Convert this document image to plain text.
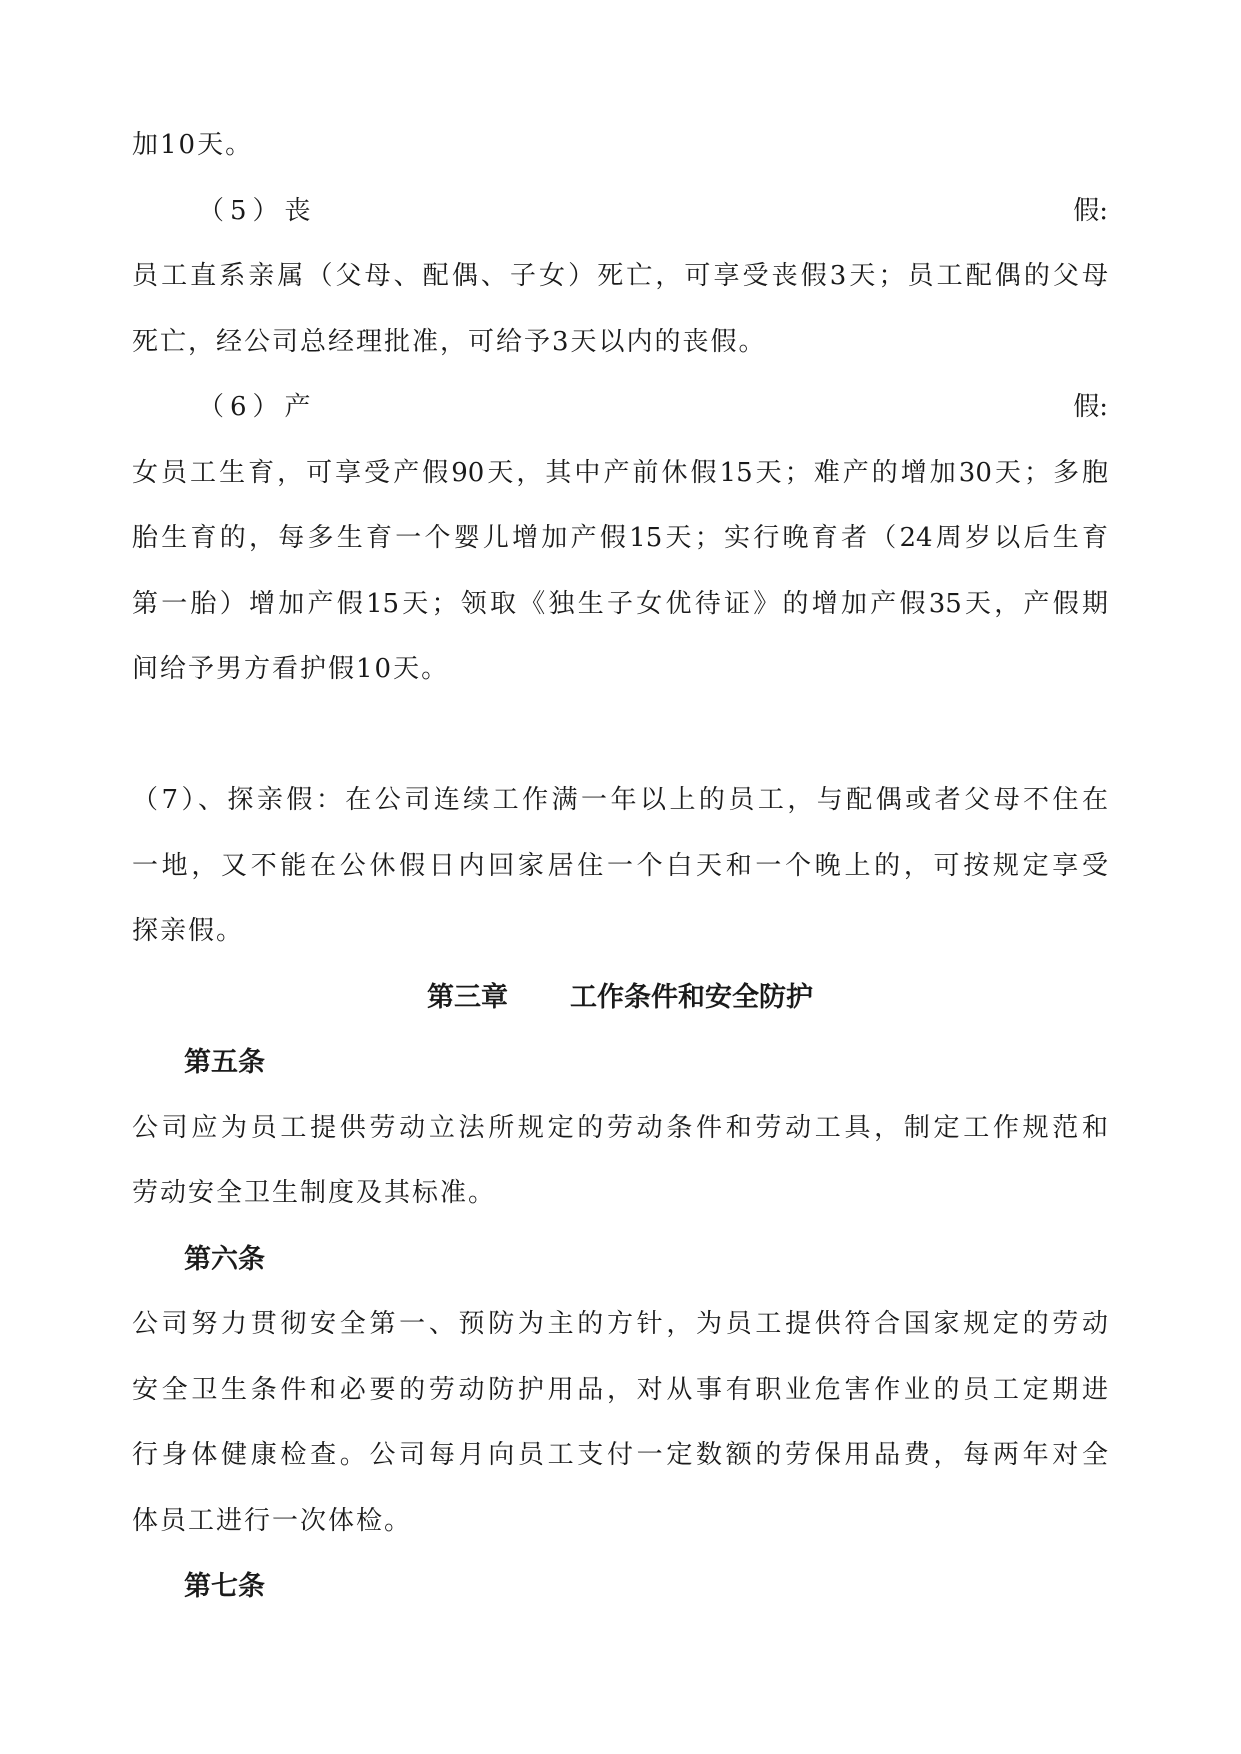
加10天。
（5）丧	假:
员工直系亲属（父母、配偶、子女）死亡，可享受丧假3天；员工配偶的父母
死亡，经公司总经理批准，可给予3天以内的丧假。
（6）产	假:
女员工生育，可享受产假90天，其中产前休假15天；难产的增加30天；多胞
胎生育的，每多生育一个婴儿增加产假15天；实行晚育者（24周岁以后生育
第一胎）增加产假15天；领取《独生子女优待证》的增加产假35天，产假期
间给予男方看护假10天。
（7）、探亲假：在公司连续工作满一年以上的员工，与配偶或者父母不住在
一地，又不能在公休假日内回家居住一个白天和一个晚上的，可按规定享受
探亲假。
第三章 工作条件和安全防护
第五条
公司应为员工提供劳动立法所规定的劳动条件和劳动工具，制定工作规范和
劳动安全卫生制度及其标准。
第六条
公司努力贯彻安全第一、预防为主的方针，为员工提供符合国家规定的劳动
安全卫生条件和必要的劳动防护用品，对从事有职业危害作业的员工定期进
行身体健康检查。公司每月向员工支付一定数额的劳保用品费，每两年对全
体员工进行一次体检。
第七条
